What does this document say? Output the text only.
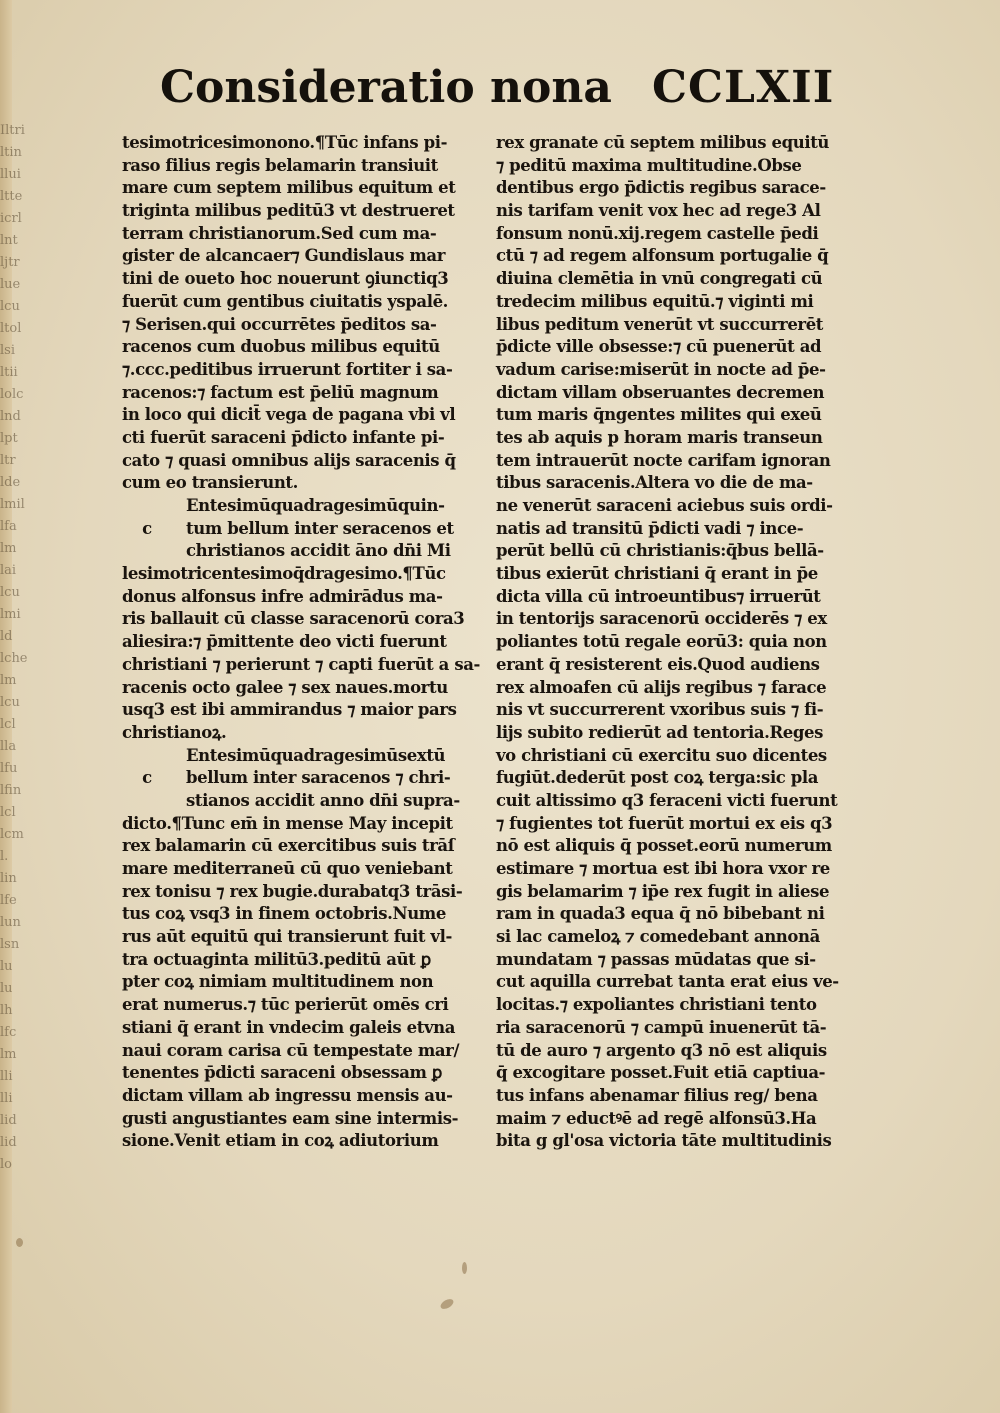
Iltri
ltin
llui
ltte
icrl
lnt
ljtr
lue
lcu
ltol
lsi
ltii
lolc
lnd
lpt
ltr
lde
lmil
lfa
lm
lai
lcu
lmi
ld
lche
lm
lcu
lcl
lla
lfu
lfin
lcl
lcm
l.
lin
lfe
lun
lsn
lu
lu
lh
lfc
lm
lli
lli
lid
lid
lo
Consideratio nona CCLXII
tesimotricesimonono.¶Tūc infans pi-
raso filius regis belamarin transiuit
mare cum septem milibus equitum et
triginta milibus peditū3 vt destrueret
terram christianorum.Sed cum ma-
gister de alcancaer⁊ Gundislaus mar
tini de oueto hoc nouerunt ꝯiunctiq3
fuerūt cum gentibus ciuitatis yspalē.
⁊ Serisen.qui occurrētes p̄editos sa-
racenos cum duobus milibus equitū
⁊.ccc.peditibus irruerunt fortiter i sa-
racenos:⁊ factum est p̄eliū magnum
in loco qui dicit̄ vega de pagana vbi vl
cti fuerūt saraceni p̄dicto infante pi-
cato ⁊ quasi omnibus alijs saracenis q̄
cum eo transierunt.
Entesimūquadragesimūquin-
c tum bellum inter seracenos et
christianos accidit āno dn̄i Mi
lesimotricentesimoq̄dragesimo.¶Tūc
donus alfonsus infre admirādus ma-
ris ballauit cū classe saracenorū cora3
aliesira:⁊ p̄mittente deo victi fuerunt
christiani ⁊ perierunt ⁊ capti fuerūt a sa-
racenis octo galee ⁊ sex naues.mortu
usq3 est ibi ammirandus ⁊ maior pars
christianoꝝ.
Entesimūquadragesimūsextū
c bellum inter saracenos ⁊ chri-
stianos accidit anno dn̄i supra-
dicto.¶Tunc em̄ in mense May incepit
rex balamarin cū exercitibus suis trāſ
mare mediterraneū cū quo veniebant
rex tonisu ⁊ rex bugie.durabatq3 trāsi-
tus coꝝ vsq3 in finem octobris.Nume
rus aūt equitū qui transierunt fuit vl-
tra octuaginta militū3.peditū aūt ꝑ
pter coꝝ nimiam multitudinem non
erat numerus.⁊ tūc perierūt omēs cri
stiani q̄ erant in vndecim galeis etvna
naui coram carisa cū tempestate mar/
tenentes p̄dicti saraceni obsessam ꝑ
dictam villam ab ingressu mensis au-
gusti angustiantes eam sine intermis-
sione.Venit etiam in coꝝ adiutorium
rex granate cū septem milibus equitū
⁊ peditū maxima multitudine.Obse
dentibus ergo p̄dictis regibus sarace-
nis tarifam venit vox hec ad rege3 Al
fonsum nonū.xij.regem castelle p̄edi
ctū ⁊ ad regem alfonsum portugalie q̄
diuina clemētia in vnū congregati cū
tredecim milibus equitū.⁊ viginti mi
libus peditum venerūt vt succurrerēt
p̄dicte ville obsesse:⁊ cū puenerūt ad
vadum carise:miserūt in nocte ad p̄e-
dictam villam obseruantes decremen
tum maris q̄ngentes milites qui exeū
tes ab aquis p horam maris transeun
tem intrauerūt nocte carifam ignoran
tibus saracenis.Altera vo die de ma-
ne venerūt saraceni aciebus suis ordi-
natis ad transitū p̄dicti vadi ⁊ ince-
perūt bellū cū christianis:q̄bus bellā-
tibus exierūt christiani q̄ erant in p̄e
dicta villa cū introeuntibus⁊ irruerūt
in tentorijs saracenorū occiderēs ⁊ ex
poliantes totū regale eorū3: quia non
erant q̄ resisterent eis.Quod audiens
rex almoafen cū alijs regibus ⁊ farace
nis vt succurrerent vxoribus suis ⁊ fi-
lijs subito redierūt ad tentoria.Reges
vo christiani cū exercitu suo dicentes
fugiūt.dederūt post coꝝ terga:sic pla
cuit altissimo q3 feraceni victi fuerunt
⁊ fugientes tot fuerūt mortui ex eis q3
nō est aliquis q̄ posset.eorū numerum
estimare ⁊ mortua est ibi hora vxor re
gis belamarim ⁊ ip̄e rex fugit in aliese
ram in quada3 equa q̄ nō bibebant ni
si lac cameloꝝ ⁊ comedebant annonā
mundatam ⁊ passas mūdatas que si-
cut aquilla currebat tanta erat eius ve-
locitas.⁊ expoliantes christiani tento
ria saracenorū ⁊ campū inuenerūt tā-
tū de auro ⁊ argento q3 nō est aliquis
q̄ excogitare posset.Fuit etiā captiua-
tus infans abenamar filius reg/ bena
maim ⁊ eductꝰē ad regē alfonsū3.Ha
bita g gl'osa victoria tāte multitudinis
